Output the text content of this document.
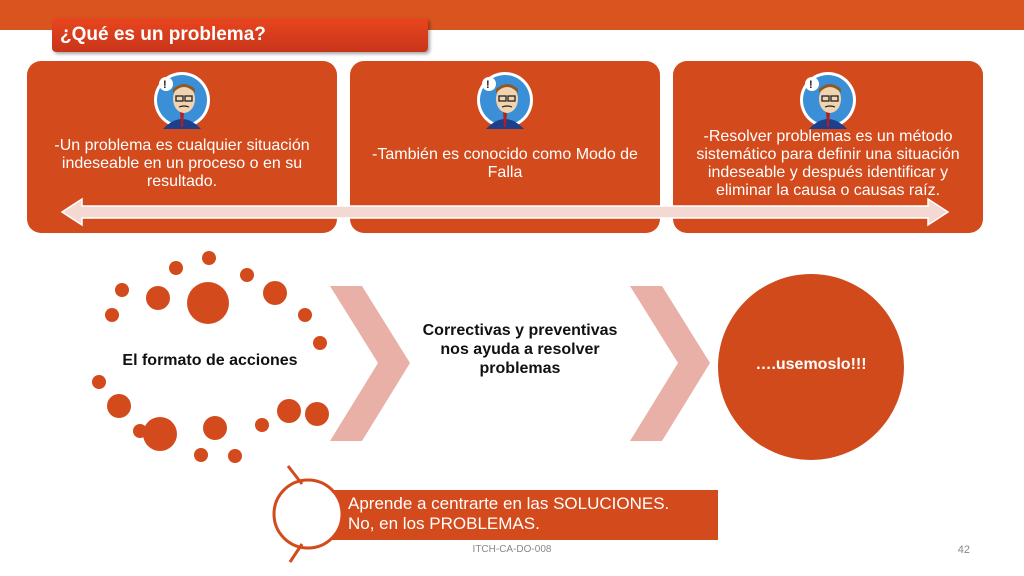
¿Qué es un problema?
!
-Un problema es cualquier situación indeseable en un proceso o en su resultado.
!
-También es conocido como Modo de Falla
!
-Resolver problemas es un método sistemático para definir una situación indeseable y después identificar y eliminar la causa o causas raíz.
El formato de acciones
Correctivas y preventivas nos ayuda a resolver problemas	….usemoslo!!!
Aprende a centrarte en las SOLUCIONES.
No, en los PROBLEMAS.
ITCH-CA-DO-008	42
